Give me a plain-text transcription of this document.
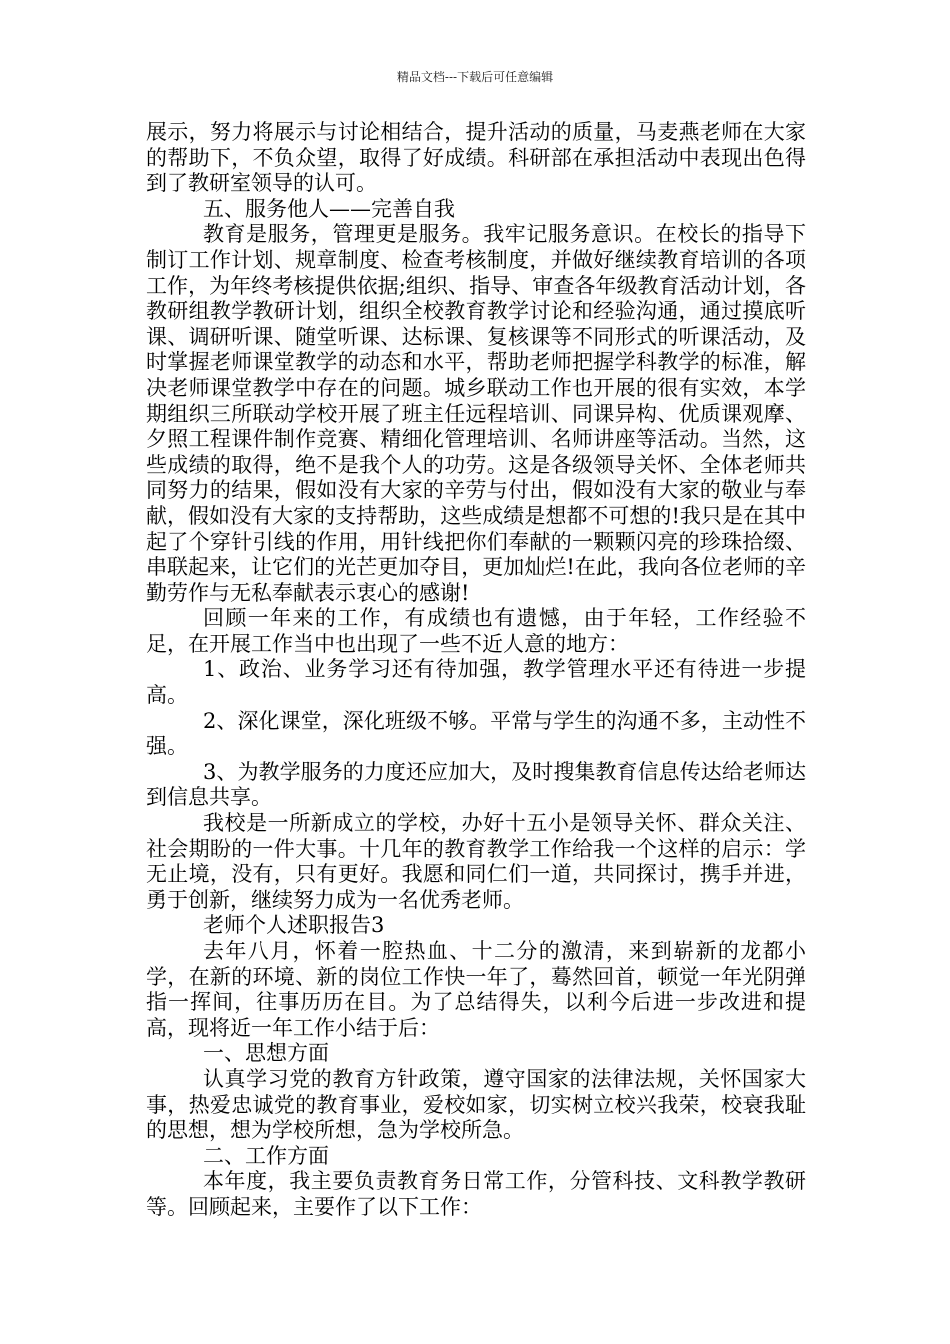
精品文档---下载后可任意编辑

展示，努力将展示与讨论相结合，提升活动的质量，马麦燕老师在大家的帮助下，不负众望，取得了好成绩。科研部在承担活动中表现出色得到了教研室领导的认可。

五、服务他人——完善自我

教育是服务，管理更是服务。我牢记服务意识。在校长的指导下制订工作计划、规章制度、检查考核制度，并做好继续教育培训的各项工作，为年终考核提供依据;组织、指导、审查各年级教育活动计划，各教研组教学教研计划，组织全校教育教学讨论和经验沟通，通过摸底听课、调研听课、随堂听课、达标课、复核课等不同形式的听课活动，及时掌握老师课堂教学的动态和水平，帮助老师把握学科教学的标准，解决老师课堂教学中存在的问题。城乡联动工作也开展的很有实效，本学期组织三所联动学校开展了班主任远程培训、同课异构、优质课观摩、夕照工程课件制作竞赛、精细化管理培训、名师讲座等活动。当然，这些成绩的取得，绝不是我个人的功劳。这是各级领导关怀、全体老师共同努力的结果，假如没有大家的辛劳与付出，假如没有大家的敬业与奉献，假如没有大家的支持帮助，这些成绩是想都不可想的!我只是在其中起了个穿针引线的作用，用针线把你们奉献的一颗颗闪亮的珍珠拾缀、串联起来，让它们的光芒更加夺目，更加灿烂!在此，我向各位老师的辛勤劳作与无私奉献表示衷心的感谢!

回顾一年来的工作，有成绩也有遗憾，由于年轻，工作经验不足，在开展工作当中也出现了一些不近人意的地方：

1、政治、业务学习还有待加强，教学管理水平还有待进一步提高。

2、深化课堂，深化班级不够。平常与学生的沟通不多，主动性不强。

3、为教学服务的力度还应加大，及时搜集教育信息传达给老师达到信息共享。

我校是一所新成立的学校，办好十五小是领导关怀、群众关注、社会期盼的一件大事。十几年的教育教学工作给我一个这样的启示：学无止境，没有，只有更好。我愿和同仁们一道，共同探讨，携手并进，勇于创新，继续努力成为一名优秀老师。

老师个人述职报告3

去年八月，怀着一腔热血、十二分的激清，来到崭新的龙都小学，在新的环境、新的岗位工作快一年了，蓦然回首，顿觉一年光阴弹指一挥间，往事历历在目。为了总结得失，以利今后进一步改进和提高，现将近一年工作小结于后：

一、思想方面

认真学习党的教育方针政策，遵守国家的法律法规，关怀国家大事，热爱忠诚党的教育事业，爱校如家，切实树立校兴我荣，校衰我耻的思想，想为学校所想，急为学校所急。

二、工作方面

本年度，我主要负责教育务日常工作，分管科技、文科教学教研等。回顾起来，主要作了以下工作：
